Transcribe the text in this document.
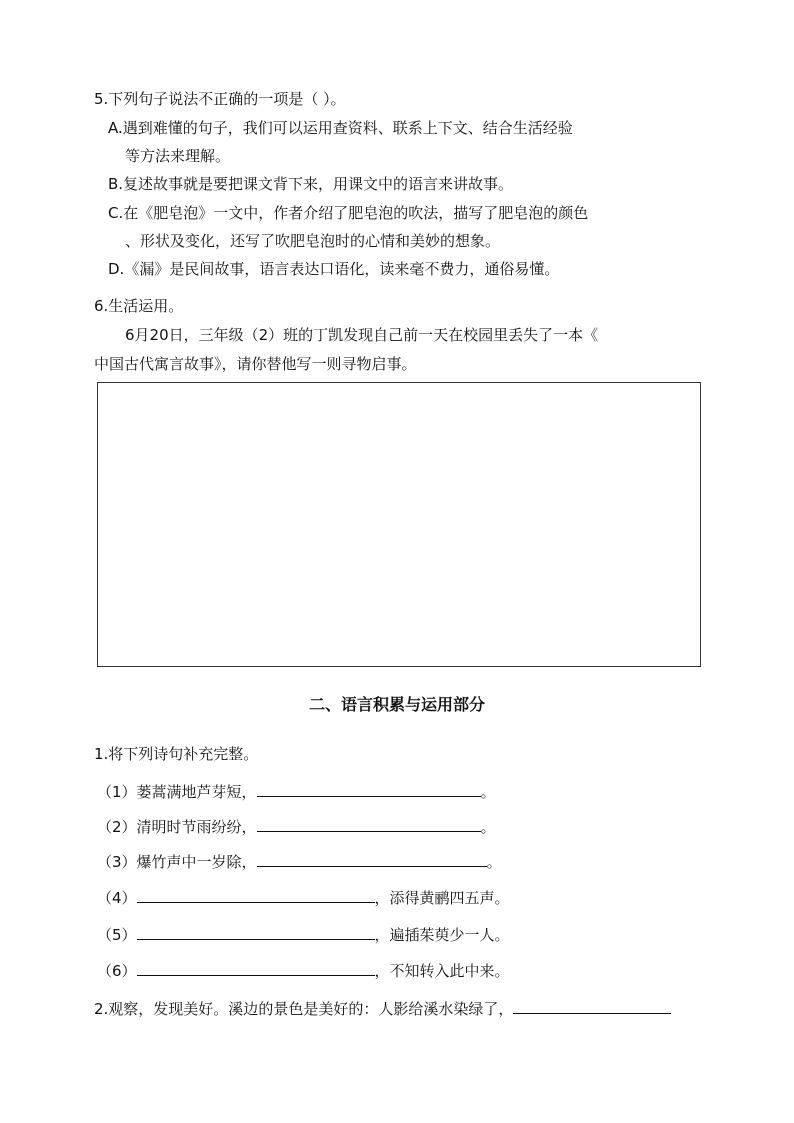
5.下列句子说法不正确的一项是（ ）。
A.遇到难懂的句子，我们可以运用查资料、联系上下文、结合生活经验
等方法来理解。
B.复述故事就是要把课文背下来，用课文中的语言来讲故事。
C.在《肥皂泡》一文中，作者介绍了肥皂泡的吹法，描写了肥皂泡的颜色
、形状及变化，还写了吹肥皂泡时的心情和美妙的想象。
D.《漏》是民间故事，语言表达口语化，读来毫不费力，通俗易懂。
6.生活运用。
6月20日，三年级（2）班的丁凯发现自己前一天在校园里丢失了一本《
中国古代寓言故事》，请你替他写一则寻物启事。
二、语言积累与运用部分
1.将下列诗句补充完整。
（1）蒌蒿满地芦芽短，	。
（2）清明时节雨纷纷，	。
（3）爆竹声中一岁除，	。
（4）	，添得黄鹂四五声。
（5）	，遍插茱萸少一人。
（6）	，不知转入此中来。
2.观察，发现美好。溪边的景色是美好的：人影给溪水染绿了，
